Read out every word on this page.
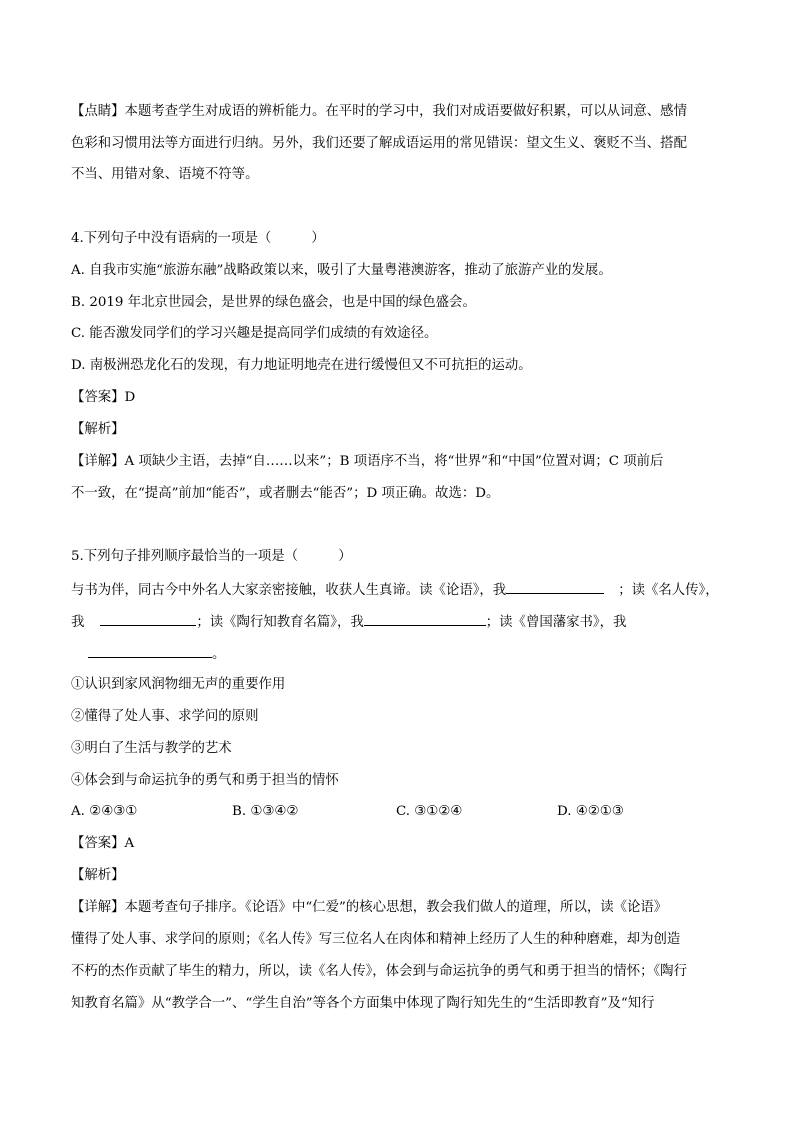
【点睛】本题考查学生对成语的辨析能力。在平时的学习中，我们对成语要做好积累，可以从词意、感情
色彩和习惯用法等方面进行归纳。另外，我们还要了解成语运用的常见错误：望文生义、褒贬不当、搭配
不当、用错对象、语境不符等。
4.下列句子中没有语病的一项是（　　　）
A. 自我市实施“旅游东融”战略政策以来，吸引了大量粤港澳游客，推动了旅游产业的发展。
B. 2019 年北京世园会，是世界的绿色盛会，也是中国的绿色盛会。
C. 能否激发同学们的学习兴趣是提高同学们成绩的有效途径。
D. 南极洲恐龙化石的发现，有力地证明地壳在进行缓慢但又不可抗拒的运动。
【答案】D
【解析】
【详解】A 项缺少主语，去掉“自……以来”；B 项语序不当，将“世界”和“中国”位置对调；C 项前后
不一致，在“提高”前加“能否”，或者删去“能否”；D 项正确。故选：D。
5.下列句子排列顺序最恰当的一项是（　　　）
与书为伴，同古今中外名人大家亲密接触，收获人生真谛。读《论语》，我	；读《名人传》，
我	；读《陶行知教育名篇》，我	；读《曾国藩家书》，我
。
①认识到家风润物细无声的重要作用
②懂得了处人事、求学问的原则
③明白了生活与教学的艺术
④体会到与命运抗争的勇气和勇于担当的情怀
A. ②④③①	B. ①③④②	C. ③①②④	D. ④②①③
【答案】A
【解析】
【详解】本题考查句子排序。《论语》中“仁爱”的核心思想，教会我们做人的道理，所以，读《论语》
懂得了处人事、求学问的原则；《名人传》写三位名人在肉体和精神上经历了人生的种种磨难，却为创造
不朽的杰作贡献了毕生的精力，所以，读《名人传》，体会到与命运抗争的勇气和勇于担当的情怀；《陶行
知教育名篇》从“教学合一”、“学生自治”等各个方面集中体现了陶行知先生的“生活即教育”及“知行
